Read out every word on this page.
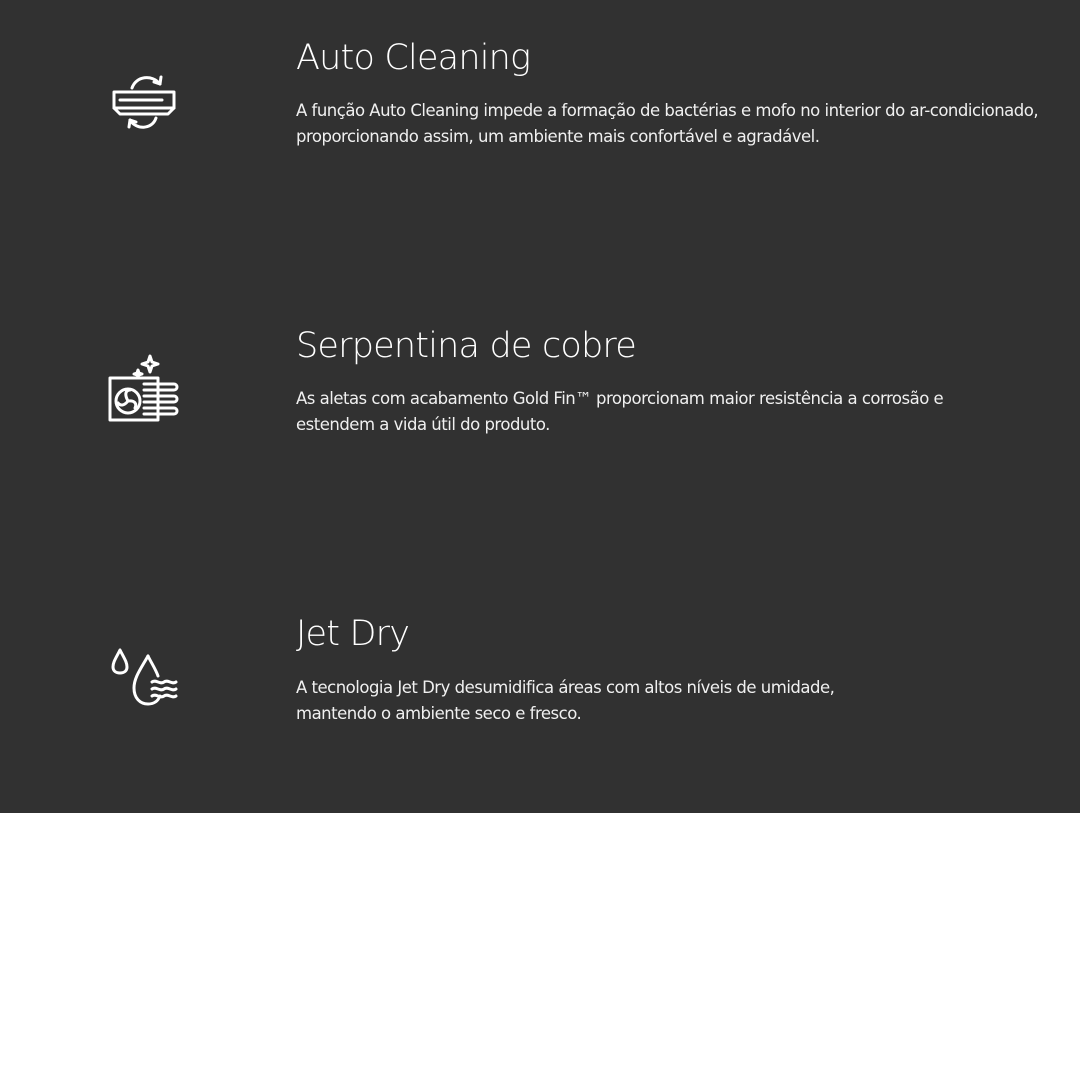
Auto Cleaning
A função Auto Cleaning impede a formação de bactérias e mofo no interior do ar-condicionado,
proporcionando assim, um ambiente mais confortável e agradável.
Serpentina de cobre
As aletas com acabamento Gold Fin™ proporcionam maior resistência a corrosão e
estendem a vida útil do produto.
Jet Dry
A tecnologia Jet Dry desumidifica áreas com altos níveis de umidade,
mantendo o ambiente seco e fresco.
